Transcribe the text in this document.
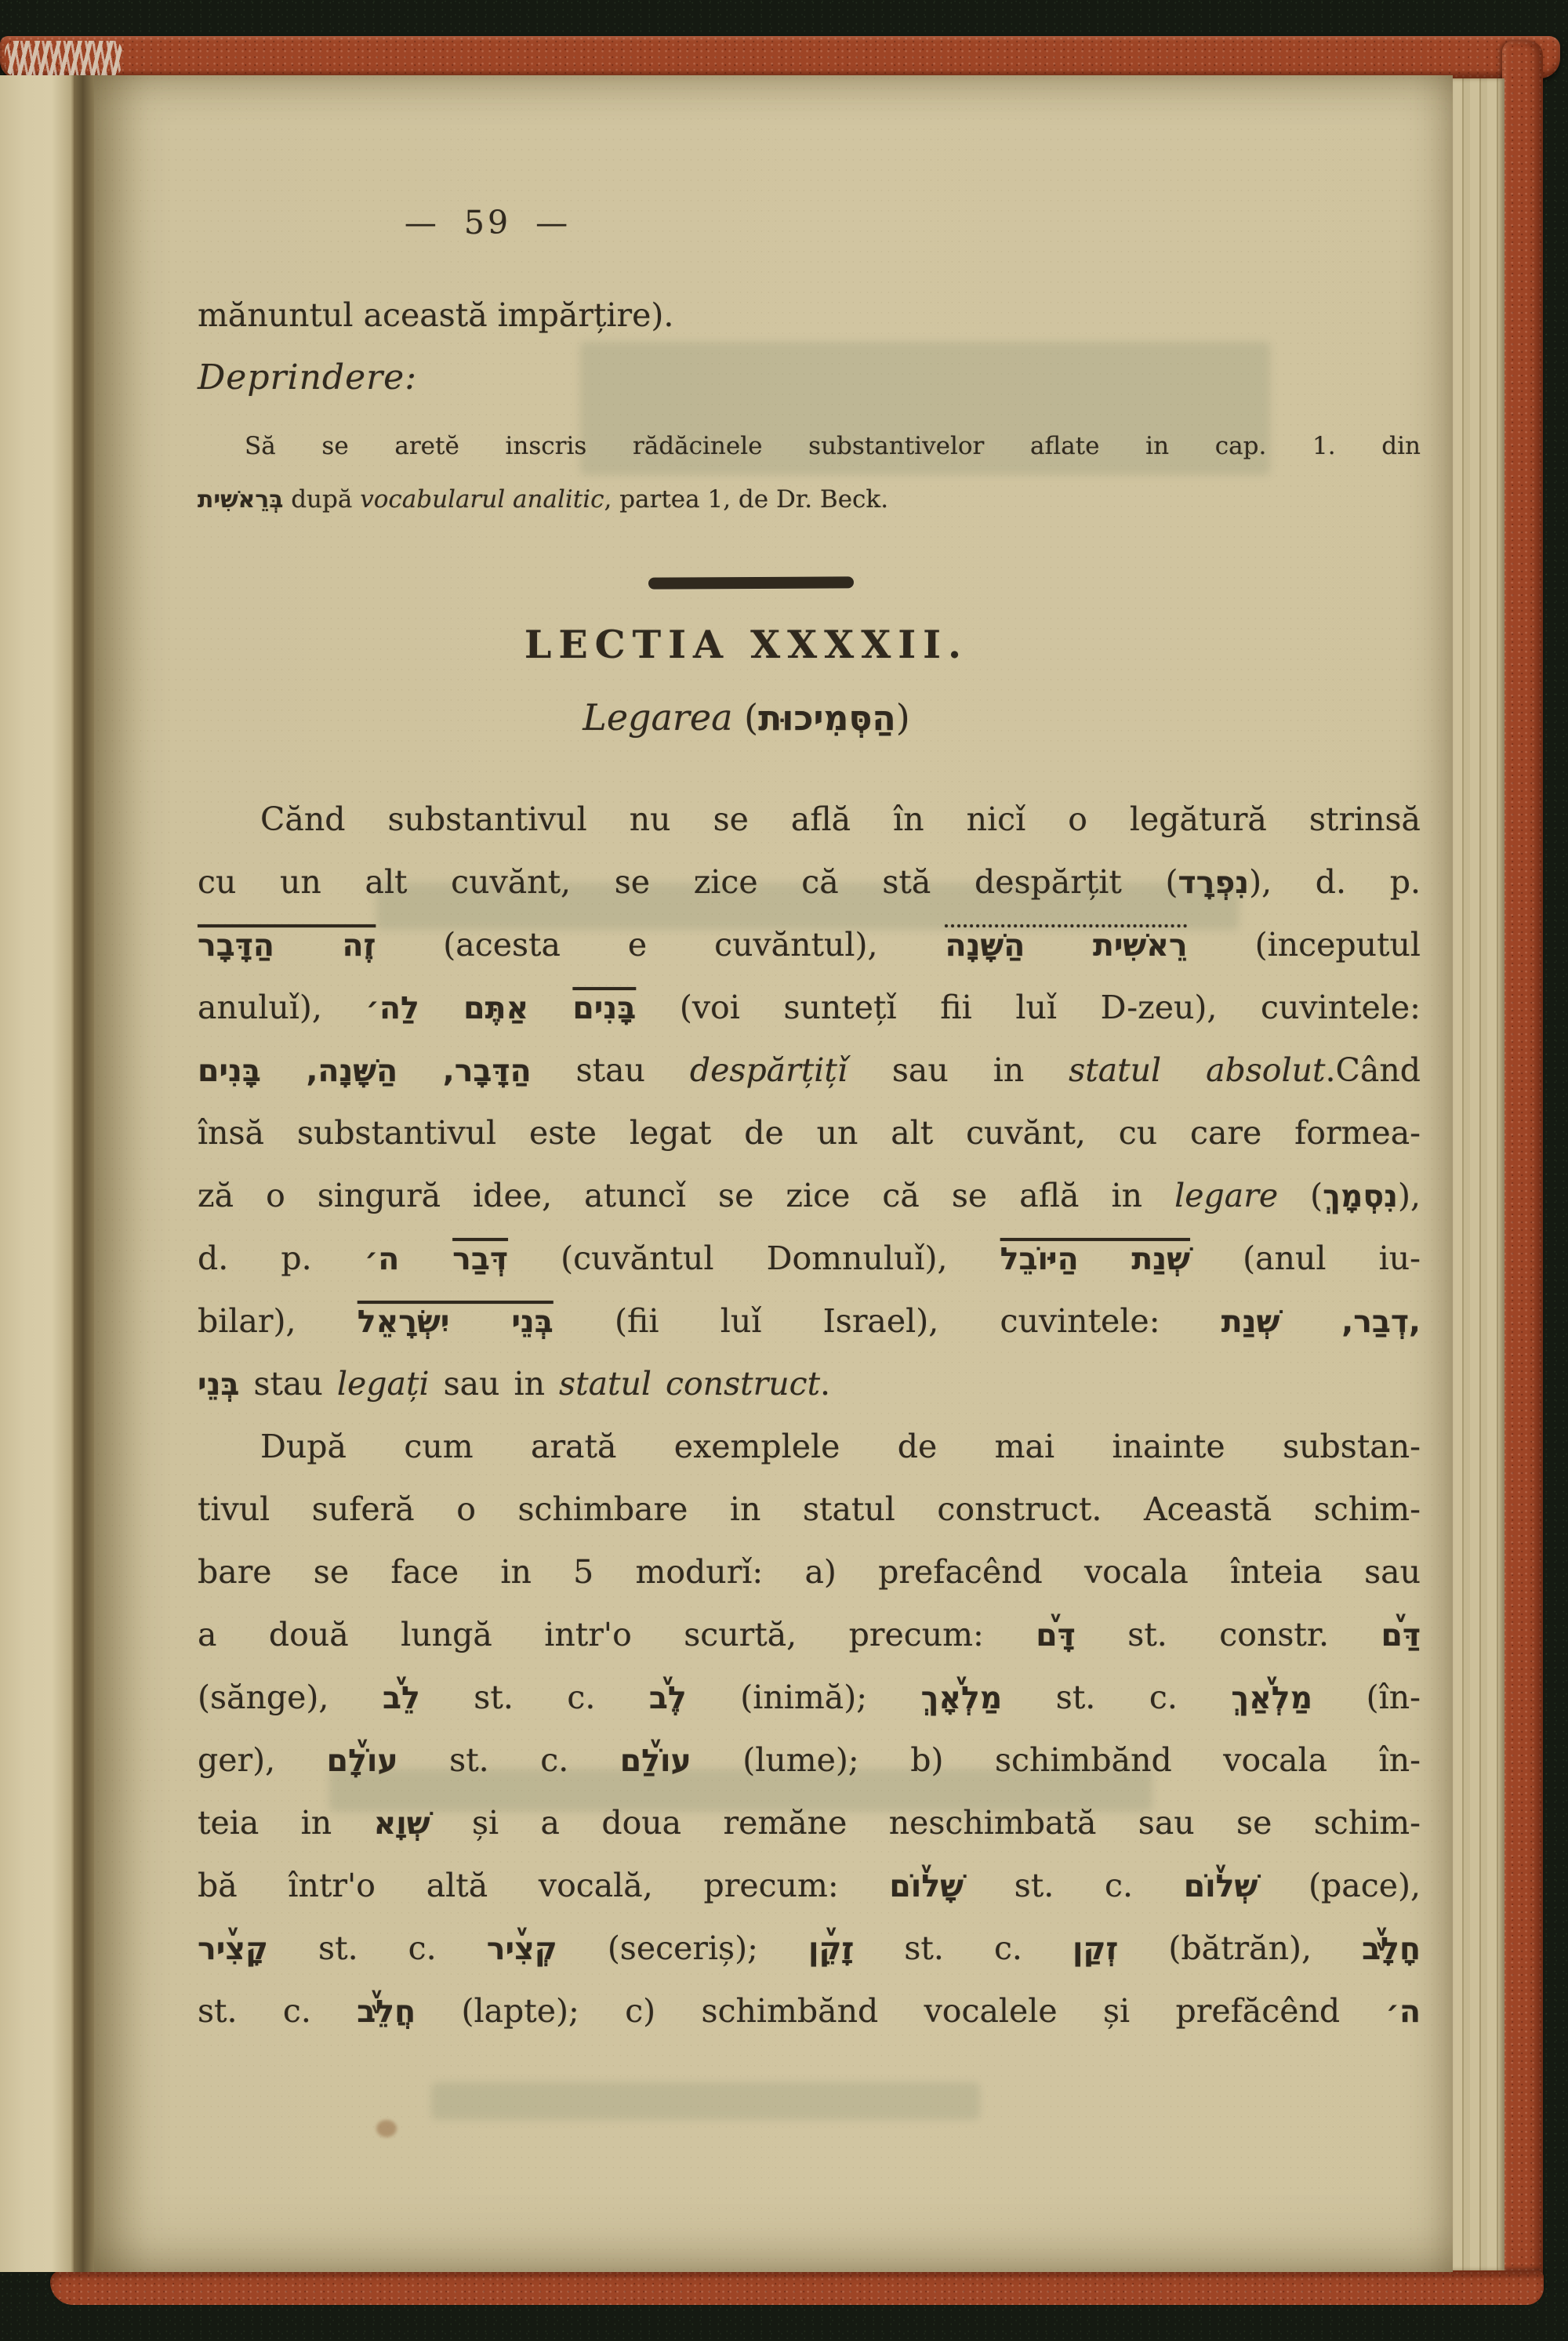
— 59 —
mănuntul această impărțire).
Deprindere:
Să se aretĕ inscris rădăcinele substantivelor aflate in cap. 1. din
בְּרֵאשִׁית după vocabularul analitic, partea 1, de Dr. Beck.
LECTIA XXXXII.
Legarea (הַסְּמִיכוּת)
Cănd substantivul nu se află în nicǐ o legătură strinsă
cu un alt cuvănt, se zice că stă despărțit (נִפְרָד), d. p.
זֶה הַדָּבָר (acesta e cuvăntul), רֵאשִׁית הַשָּׁנָה (inceputul
anuluǐ),	בָּנִים אַתֶּם לַה׳ (voi suntețǐ fii luǐ D-zeu), cuvintele:
הַדָּבָר, הַשָּׁנָה, בָּנִים stau despărțițǐ sau in statul absolut.Când
însă substantivul este legat de un alt cuvănt, cu care formea-
ză o singură idee, atuncǐ se zice că se află in legare (נִסְמָךְ),
d. p.	דְּבַר ה׳ (cuvăntul Domnuluǐ), שְׁנַת הַיּוֹבֵל (anul iu-
bilar), בְּנֵי יִשְׂרָאֵל (fii luǐ Israel), cuvintele: דְבַר, שְׁנַת,
בְּנֵי stau legați sau in statul construct.
După cum arată exemplele de mai inainte substan-
tivul suferă o schimbare in statul construct. Această schim-
bare se face in 5 modurǐ: a) prefacênd vocala înteia sau
a două lungă intr'o scurtă, precum: דָּם v st. constr. דַּם v
(sănge), לֵב v st. c. לֶב v (inimă); מַלְאָךְ v st. c. מַלְאַךְ v (în-
ger), עוֹלָם v st. c. עוֹלַם v (lume); b) schimbănd vocala în-
teia in שְׁוָא și a doua remăne neschimbată sau se schim-
bă într'o altă vocală, precum: שָׁלוֹם v st. c. שְׁלוֹם v (pace),
קָצִיר v st. c. קְצִיר v (seceriș); זָקֵן v st. c. זְקַן (bătrăn), חָלָב v v
st. c. חֲלֵב v v (lapte); c) schimbănd vocalele și prefăcênd ה׳
